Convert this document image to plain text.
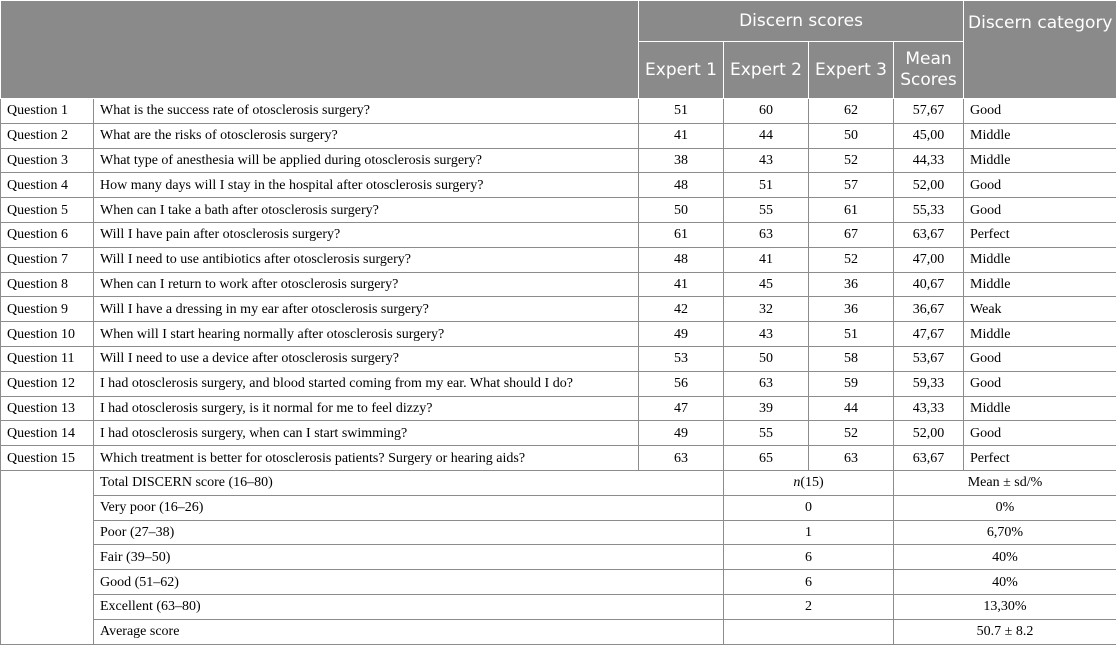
		Discern scores				Discern category
		Expert 1	Expert 2	Expert 3	Mean Scores	
Question 1	What is the success rate of otosclerosis surgery?	51	60	62	57,67	Good
Question 2	What are the risks of otosclerosis surgery?	41	44	50	45,00	Middle
Question 3	What type of anesthesia will be applied during otosclerosis surgery?	38	43	52	44,33	Middle
Question 4	How many days will I stay in the hospital after otosclerosis surgery?	48	51	57	52,00	Good
Question 5	When can I take a bath after otosclerosis surgery?	50	55	61	55,33	Good
Question 6	Will I have pain after otosclerosis surgery?	61	63	67	63,67	Perfect
Question 7	Will I need to use antibiotics after otosclerosis surgery?	48	41	52	47,00	Middle
Question 8	When can I return to work after otosclerosis surgery?	41	45	36	40,67	Middle
Question 9	Will I have a dressing in my ear after otosclerosis surgery?	42	32	36	36,67	Weak
Question 10	When will I start hearing normally after otosclerosis surgery?	49	43	51	47,67	Middle
Question 11	Will I need to use a device after otosclerosis surgery?	53	50	58	53,67	Good
Question 12	I had otosclerosis surgery, and blood started coming from my ear. What should I do?	56	63	59	59,33	Good
Question 13	I had otosclerosis surgery, is it normal for me to feel dizzy?	47	39	44	43,33	Middle
Question 14	I had otosclerosis surgery, when can I start swimming?	49	55	52	52,00	Good
Question 15	Which treatment is better for otosclerosis patients? Surgery or hearing aids?	63	65	63	63,67	Perfect
	Total DISCERN score (16–80)		n(15)		Mean ± sd/%	
	Very poor (16–26)		0		0%	
	Poor (27–38)		1		6,70%	
	Fair (39–50)		6		40%	
	Good (51–62)		6		40%	
	Excellent (63–80)		2		13,30%	
	Average score				50.7 ± 8.2	
